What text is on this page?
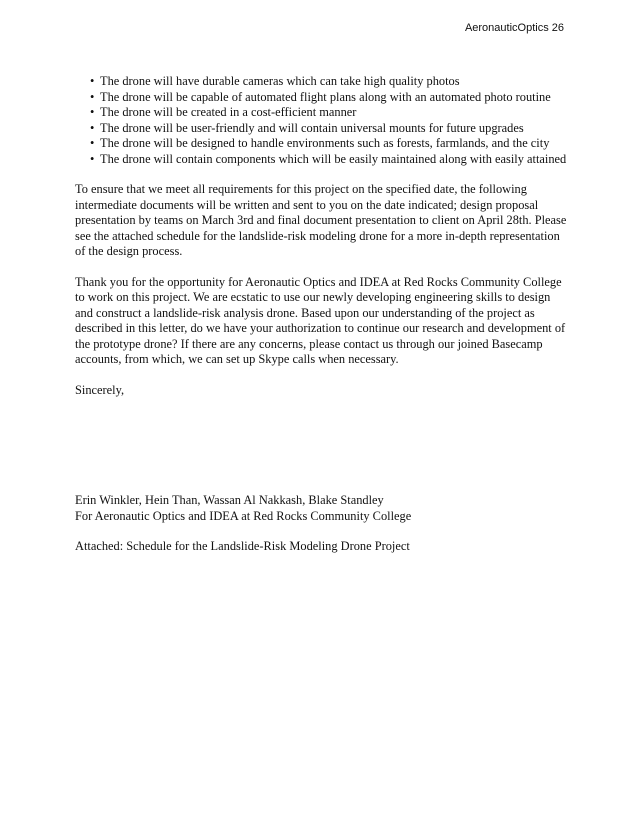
AeronauticOptics 26
• The drone will have durable cameras which can take high quality photos
• The drone will be capable of automated flight plans along with an automated photo routine
• The drone will be created in a cost-efficient manner
• The drone will be user-friendly and will contain universal mounts for future upgrades
• The drone will be designed to handle environments such as forests, farmlands, and the city
• The drone will contain components which will be easily maintained along with easily attained

To ensure that we meet all requirements for this project on the specified date, the following intermediate documents will be written and sent to you on the date indicated; design proposal presentation by teams on March 3rd and final document presentation to client on April 28th. Please see the attached schedule for the landslide-risk modeling drone for a more in-depth representation of the design process.

Thank you for the opportunity for Aeronautic Optics and IDEA at Red Rocks Community College to work on this project. We are ecstatic to use our newly developing engineering skills to design and construct a landslide-risk analysis drone. Based upon our understanding of the project as described in this letter, do we have your authorization to continue our research and development of the prototype drone? If there are any concerns, please contact us through our joined Basecamp accounts, from which, we can set up Skype calls when necessary.

Sincerely,

Erin Winkler, Hein Than, Wassan Al Nakkash, Blake Standley
For Aeronautic Optics and IDEA at Red Rocks Community College

Attached: Schedule for the Landslide-Risk Modeling Drone Project
